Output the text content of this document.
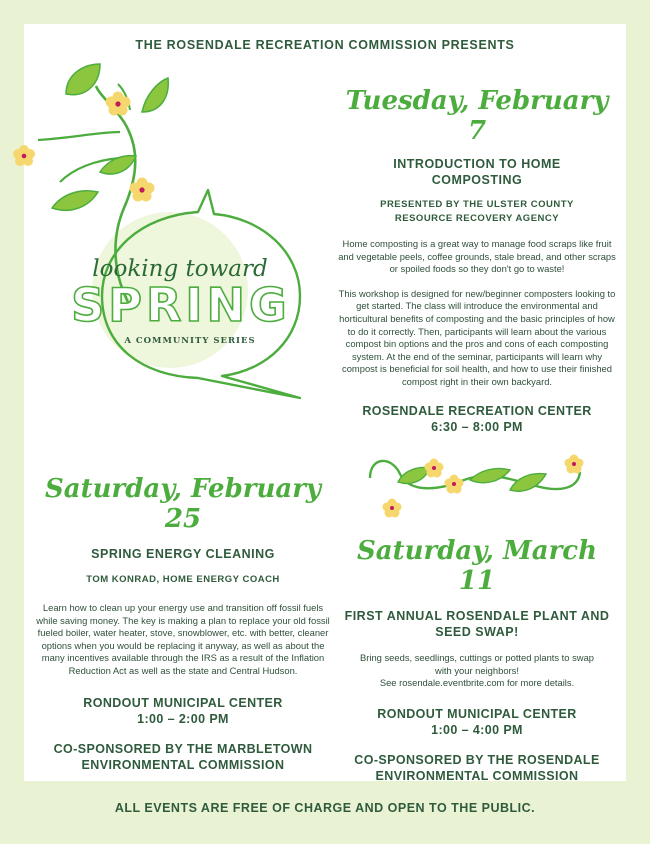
THE ROSENDALE RECREATION COMMISSION PRESENTS
looking toward
SPRING
A COMMUNITY SERIES
Tuesday, February 7
INTRODUCTION TO HOME COMPOSTING
PRESENTED BY THE ULSTER COUNTY RESOURCE RECOVERY AGENCY
Home composting is a great way to manage food scraps like fruit and vegetable peels, coffee grounds, stale bread, and other scraps or spoiled foods so they don't go to waste!
This workshop is designed for new/beginner composters looking to get started. The class will introduce the environmental and horticultural benefits of composting and the basic principles of how to do it correctly. Then, participants will learn about the various compost bin options and the pros and cons of each composting system. At the end of the seminar, participants will learn why compost is beneficial for soil health, and how to use their finished compost right in their own backyard.
ROSENDALE RECREATION CENTER
6:30 – 8:00 PM
Saturday, February 25
SPRING ENERGY CLEANING
TOM KONRAD, HOME ENERGY COACH
Learn how to clean up your energy use and transition off fossil fuels while saving money. The key is making a plan to replace your old fossil fueled boiler, water heater, stove, snowblower, etc. with better, cleaner options when you would be replacing it anyway, as well as about the many incentives available through the IRS as a result of the Inflation Reduction Act as well as the state and Central Hudson.
RONDOUT MUNICIPAL CENTER
1:00 – 2:00 PM
CO-SPONSORED BY THE MARBLETOWN ENVIRONMENTAL COMMISSION
Saturday, March 11
FIRST ANNUAL ROSENDALE PLANT AND SEED SWAP!
Bring seeds, seedlings, cuttings or potted plants to swap with your neighbors!
See rosendale.eventbrite.com for more details.
RONDOUT MUNICIPAL CENTER
1:00 – 4:00 PM
CO-SPONSORED BY THE ROSENDALE ENVIRONMENTAL COMMISSION
ALL EVENTS ARE FREE OF CHARGE AND OPEN TO THE PUBLIC.
